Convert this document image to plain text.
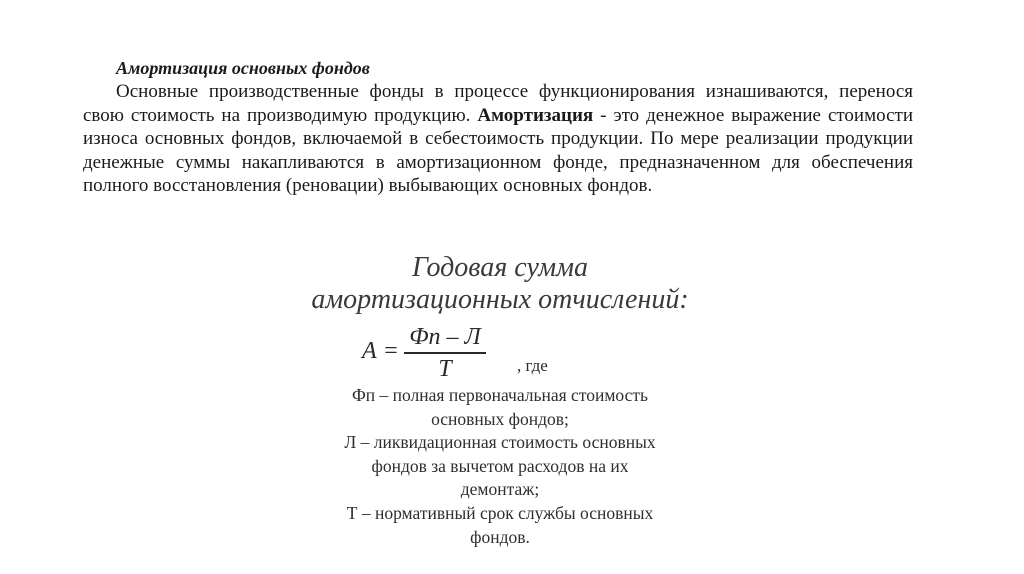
Амортизация основных фондов

Основные производственные фонды в процессе функционирования изнашиваются, перенося свою стоимость на производимую продукцию. Амортизация - это денежное выражение стоимости износа основных фондов, включаемой в себестоимость продукции. По мере реализации продукции денежные суммы накапливаются в амортизационном фонде, предназначенном для обеспечения полного восстановления (реновации) выбывающих основных фондов.

Годовая сумма
амортизационных отчислений:
А =
Фп – Л
Т	, где

Фп – полная первоначальная стоимость

основных фондов;

Л – ликвидационная стоимость основных

фондов за вычетом расходов на их

демонтаж;

Т – нормативный срок службы основных

фондов.
